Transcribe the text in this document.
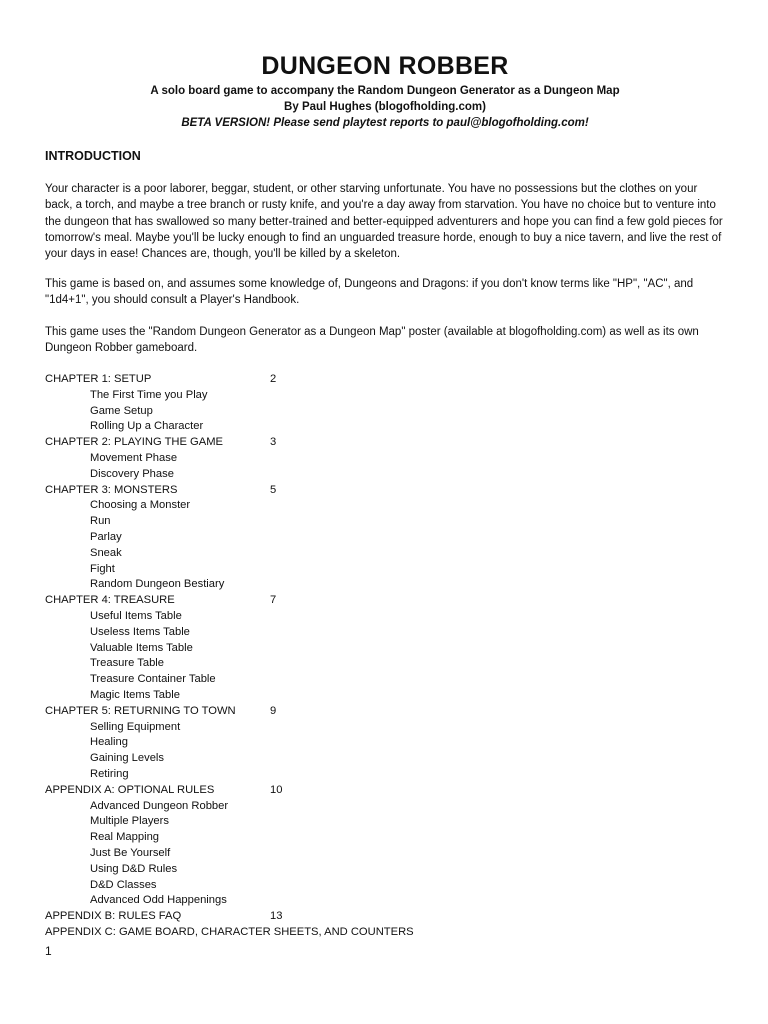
DUNGEON ROBBER
A solo board game to accompany the Random Dungeon Generator as a Dungeon Map
By Paul Hughes (blogofholding.com)
BETA VERSION! Please send playtest reports to paul@blogofholding.com!
INTRODUCTION
Your character is a poor laborer, beggar, student, or other starving unfortunate. You have no possessions but the clothes on your back, a torch, and maybe a tree branch or rusty knife, and you're a day away from starvation. You have no choice but to venture into the dungeon that has swallowed so many better-trained and better-equipped adventurers and hope you can find a few gold pieces for tomorrow's meal. Maybe you'll be lucky enough to find an unguarded treasure horde, enough to buy a nice tavern, and live the rest of your days in ease! Chances are, though, you'll be killed by a skeleton.
This game is based on, and assumes some knowledge of, Dungeons and Dragons: if you don't know terms like "HP", "AC", and "1d4+1", you should consult a Player's Handbook.
This game uses the "Random Dungeon Generator as a Dungeon Map" poster (available at blogofholding.com) as well as its own Dungeon Robber gameboard.
CHAPTER 1: SETUP	2
The First Time you Play
Game Setup
Rolling Up a Character
CHAPTER 2: PLAYING THE GAME	3
Movement Phase
Discovery Phase
CHAPTER 3: MONSTERS	5
Choosing a Monster
Run
Parlay
Sneak
Fight
Random Dungeon Bestiary
CHAPTER 4: TREASURE	7
Useful Items Table
Useless Items Table
Valuable Items Table
Treasure Table
Treasure Container Table
Magic Items Table
CHAPTER 5: RETURNING TO TOWN	9
Selling Equipment
Healing
Gaining Levels
Retiring
APPENDIX A: OPTIONAL RULES	10
Advanced Dungeon Robber
Multiple Players
Real Mapping
Just Be Yourself
Using D&D Rules
D&D Classes
Advanced Odd Happenings
APPENDIX B: RULES FAQ	13
APPENDIX C: GAME BOARD, CHARACTER SHEETS, AND COUNTERS
1
